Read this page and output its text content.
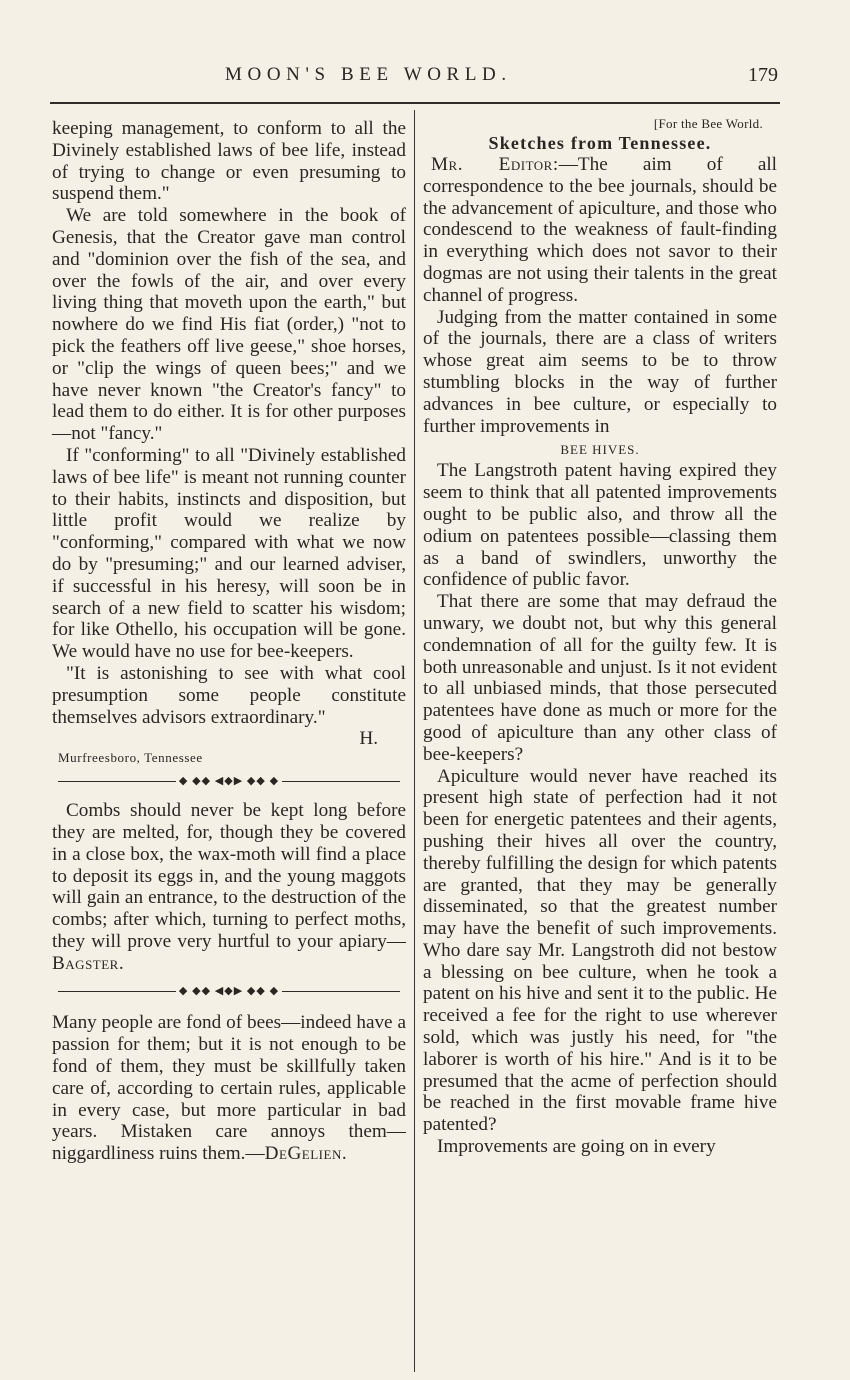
MOON'S BEE WORLD.	179

keeping management, to conform to all the Divinely established laws of bee life, instead of trying to change or even presuming to suspend them."

We are told somewhere in the book of Genesis, that the Creator gave man control and "dominion over the fish of the sea, and over the fowls of the air, and over every living thing that moveth upon the earth," but nowhere do we find His fiat (order,) "not to pick the feathers off live geese," shoe horses, or "clip the wings of queen bees;" and we have never known "the Creator's fancy" to lead them to do either. It is for other purposes—not "fancy."

If "conforming" to all "Divinely established laws of bee life" is meant not running counter to their habits, instincts and disposition, but little profit would we realize by "conforming," compared with what we now do by "presuming;" and our learned adviser, if successful in his heresy, will soon be in search of a new field to scatter his wisdom; for like Othello, his occupation will be gone. We would have no use for bee-keepers.

"It is astonishing to see with what cool presumption some people constitute themselves advisors extraordinary."

H.

Murfreesboro, Tennessee

◆ ◆◆ ◀◆▶ ◆◆ ◆

Combs should never be kept long before they are melted, for, though they be covered in a close box, the wax-moth will find a place to deposit its eggs in, and the young maggots will gain an entrance, to the destruction of the combs; after which, turning to perfect moths, they will prove very hurtful to your apiary—Bagster.

◆ ◆◆ ◀◆▶ ◆◆ ◆

Many people are fond of bees—indeed have a passion for them; but it is not enough to be fond of them, they must be skillfully taken care of, according to certain rules, applicable in every case, but more particular in bad years. Mistaken care annoys them—niggardliness ruins them.—DeGelien.

[For the Bee World.

Sketches from Tennessee.

Mr. Editor:—The aim of all correspondence to the bee journals, should be the advancement of apiculture, and those who condescend to the weakness of fault-finding in everything which does not savor to their dogmas are not using their talents in the great channel of progress.

Judging from the matter contained in some of the journals, there are a class of writers whose great aim seems to be to throw stumbling blocks in the way of further advances in bee culture, or especially to further improvements in

BEE HIVES.

The Langstroth patent having expired they seem to think that all patented improvements ought to be public also, and throw all the odium on patentees possible—classing them as a band of swindlers, unworthy the confidence of public favor.

That there are some that may defraud the unwary, we doubt not, but why this general condemnation of all for the guilty few. It is both unreasonable and unjust. Is it not evident to all unbiased minds, that those persecuted patentees have done as much or more for the good of apiculture than any other class of bee-keepers?

Apiculture would never have reached its present high state of perfection had it not been for energetic patentees and their agents, pushing their hives all over the country, thereby fulfilling the design for which patents are granted, that they may be generally disseminated, so that the greatest number may have the benefit of such improvements. Who dare say Mr. Langstroth did not bestow a blessing on bee culture, when he took a patent on his hive and sent it to the public. He received a fee for the right to use wherever sold, which was justly his need, for "the laborer is worth of his hire." And is it to be presumed that the acme of perfection should be reached in the first movable frame hive patented?

Improvements are going on in every
